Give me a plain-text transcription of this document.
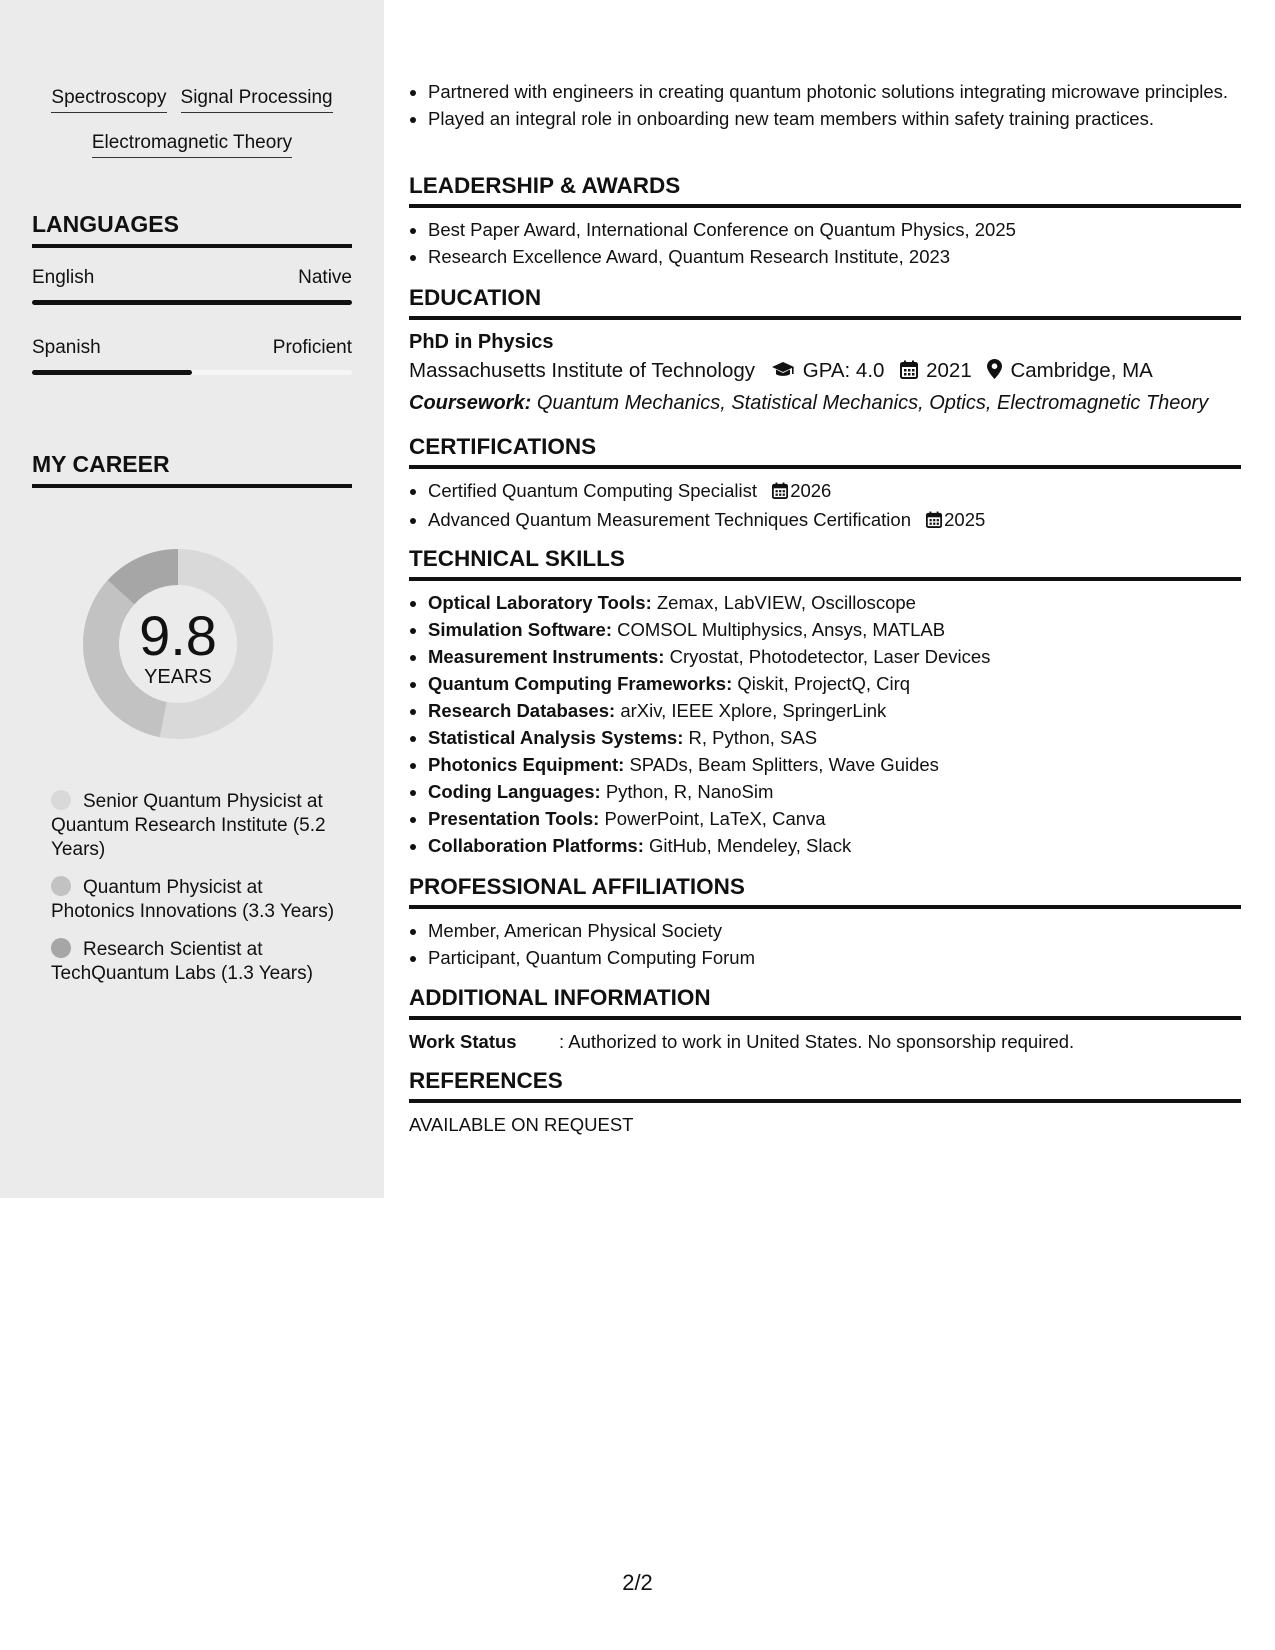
Spectroscopy Signal Processing
Electromagnetic Theory
LANGUAGES
English	Native
Spanish	Proficient
MY CAREER
9.8
YEARS
Senior Quantum Physicist at Quantum Research Institute (5.2 Years)
Quantum Physicist at Photonics Innovations (3.3 Years)
Research Scientist at TechQuantum Labs (1.3 Years)
• Partnered with engineers in creating quantum photonic solutions integrating microwave principles.
• Played an integral role in onboarding new team members within safety training practices.
LEADERSHIP & AWARDS
• Best Paper Award, International Conference on Quantum Physics, 2025
• Research Excellence Award, Quantum Research Institute, 2023
EDUCATION
PhD in Physics
Massachusetts Institute of Technology GPA: 4.0 2021 Cambridge, MA
Coursework: Quantum Mechanics, Statistical Mechanics, Optics, Electromagnetic Theory
CERTIFICATIONS
• Certified Quantum Computing Specialist 2026
• Advanced Quantum Measurement Techniques Certification 2025
TECHNICAL SKILLS
• Optical Laboratory Tools: Zemax, LabVIEW, Oscilloscope
• Simulation Software: COMSOL Multiphysics, Ansys, MATLAB
• Measurement Instruments: Cryostat, Photodetector, Laser Devices
• Quantum Computing Frameworks: Qiskit, ProjectQ, Cirq
• Research Databases: arXiv, IEEE Xplore, SpringerLink
• Statistical Analysis Systems: R, Python, SAS
• Photonics Equipment: SPADs, Beam Splitters, Wave Guides
• Coding Languages: Python, R, NanoSim
• Presentation Tools: PowerPoint, LaTeX, Canva
• Collaboration Platforms: GitHub, Mendeley, Slack
PROFESSIONAL AFFILIATIONS
• Member, American Physical Society
• Participant, Quantum Computing Forum
ADDITIONAL INFORMATION
Work Status : Authorized to work in United States. No sponsorship required.
REFERENCES
AVAILABLE ON REQUEST
2/2
